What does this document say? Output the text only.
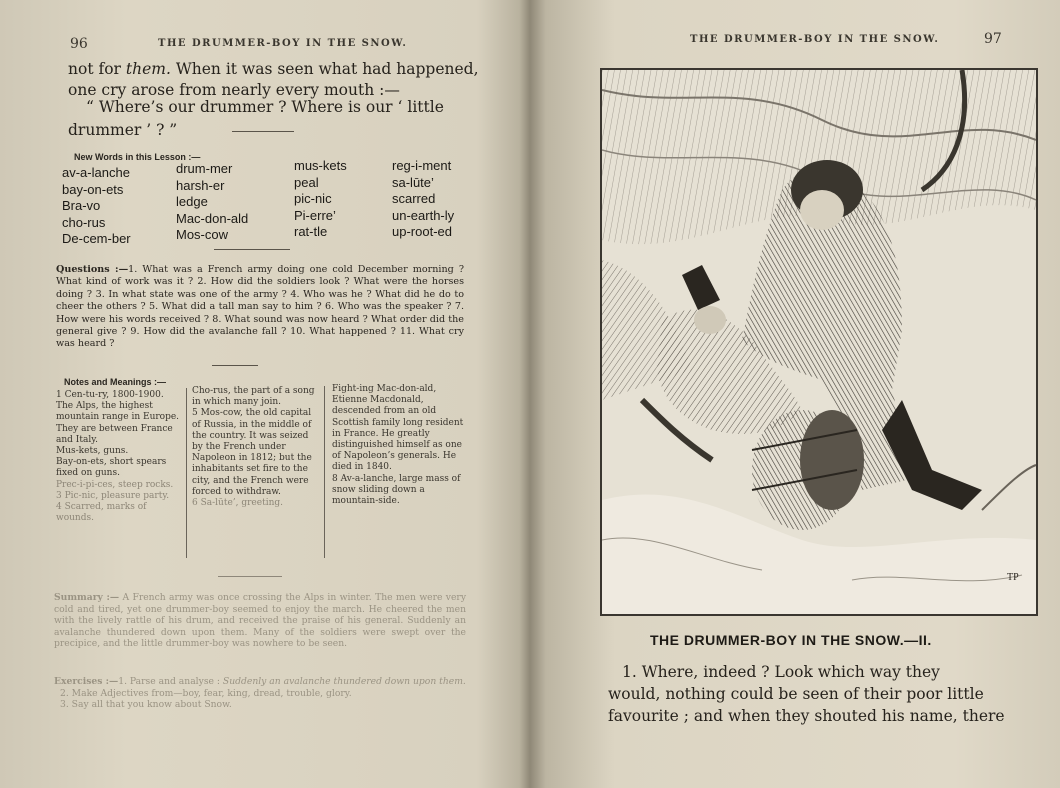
96	THE DRUMMER-BOY IN THE SNOW.
not for them. When it was seen what had happened,
one cry arose from nearly every mouth :—
“ Where’s our drummer ? Where is our ‘ little
drummer ’ ? ”
New Words in this Lesson :—
av-a-lanche
bay-on-ets
Bra-vo
cho-rus
De-cem-ber
drum-mer
harsh-er
ledge
Mac-don-ald
Mos-cow
mus-kets
peal
pic-nic
Pi-erre’
rat-tle
reg-i-ment
sa-lūte’
scarred
un-earth-ly
up-root-ed
Questions :—1. What was a French army doing one cold December morning ? What kind of work was it ? 2. How did the soldiers look ? What were the horses doing ? 3. In what state was one of the army ? 4. Who was he ? What did he do to cheer the others ? 5. What did a tall man say to him ? 6. Who was the speaker ? 7. How were his words received ? 8. What sound was now heard ? What order did the general give ? 9. How did the avalanche fall ? 10. What happened ? 11. What cry was heard ?
Notes and Meanings :—

1 Cen-tu-ry, 1800-1900.

The Alps, the highest mountain range in Europe. They are between France and Italy.

Mus-kets, guns.

Bay-on-ets, short spears fixed on guns.

Prec-i-pi-ces, steep rocks.

3 Pic-nic, pleasure party.

4 Scarred, marks of wounds.

Cho-rus, the part of a song in which many join.

5 Mos-cow, the old capital of Russia, in the middle of the country. It was seized by the French under Napoleon in 1812; but the inhabitants set fire to the city, and the French were forced to withdraw.

6 Sa-lūte’, greeting.

Fight-ing Mac-don-ald, Etienne Macdonald, descended from an old Scottish family long resident in France. He greatly distinguished himself as one of Napoleon’s generals. He died in 1840.

8 Av-a-lanche, large mass of snow sliding down a mountain-side.

Summary :— A French army was once crossing the Alps in winter. The men were very cold and tired, yet one drummer-boy seemed to enjoy the march. He cheered the men with the lively rattle of his drum, and received the praise of his general. Suddenly an avalanche thundered down upon them. Many of the soldiers were swept over the precipice, and the little drummer-boy was nowhere to be seen.
Exercises :—1. Parse and analyse : Suddenly an avalanche thundered down upon them.
2. Make Adjectives from—boy, fear, king, dread, trouble, glory.
3. Say all that you know about Snow.
THE DRUMMER-BOY IN THE SNOW.	97
TP
THE DRUMMER-BOY IN THE SNOW.—II.
1. Where, indeed ? Look which way they
would, nothing could be seen of their poor little
favourite ; and when they shouted his name, there
